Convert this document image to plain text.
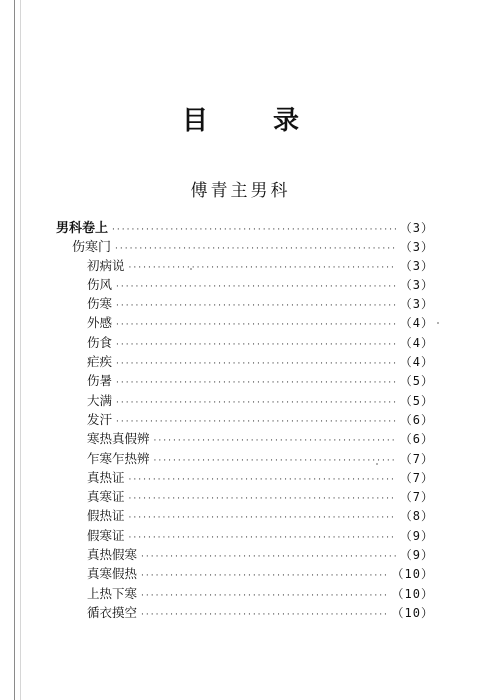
目 录
傅青主男科
男科卷上 ·····	（3）
伤寒门 ·····	（3）
初病说 ·····	（3）
伤风 ·····	（3）
伤寒 ·····	（3）
外感 ·····	（4）
伤食 ·····	（4）
疟疾 ·····	（4）
伤暑 ·····	（5）
大满 ·····	（5）
发汗 ·····	（6）
寒热真假辨 ·····	（6）
乍寒乍热辨 ·····	（7）
真热证 ·····	（7）
真寒证 ·····	（7）
假热证 ·····	（8）
假寒证 ·····	（9）
真热假寒 ·····	（9）
真寒假热 ·····	（10）
上热下寒 ·····	（10）
循衣摸空 ·····	（10）
